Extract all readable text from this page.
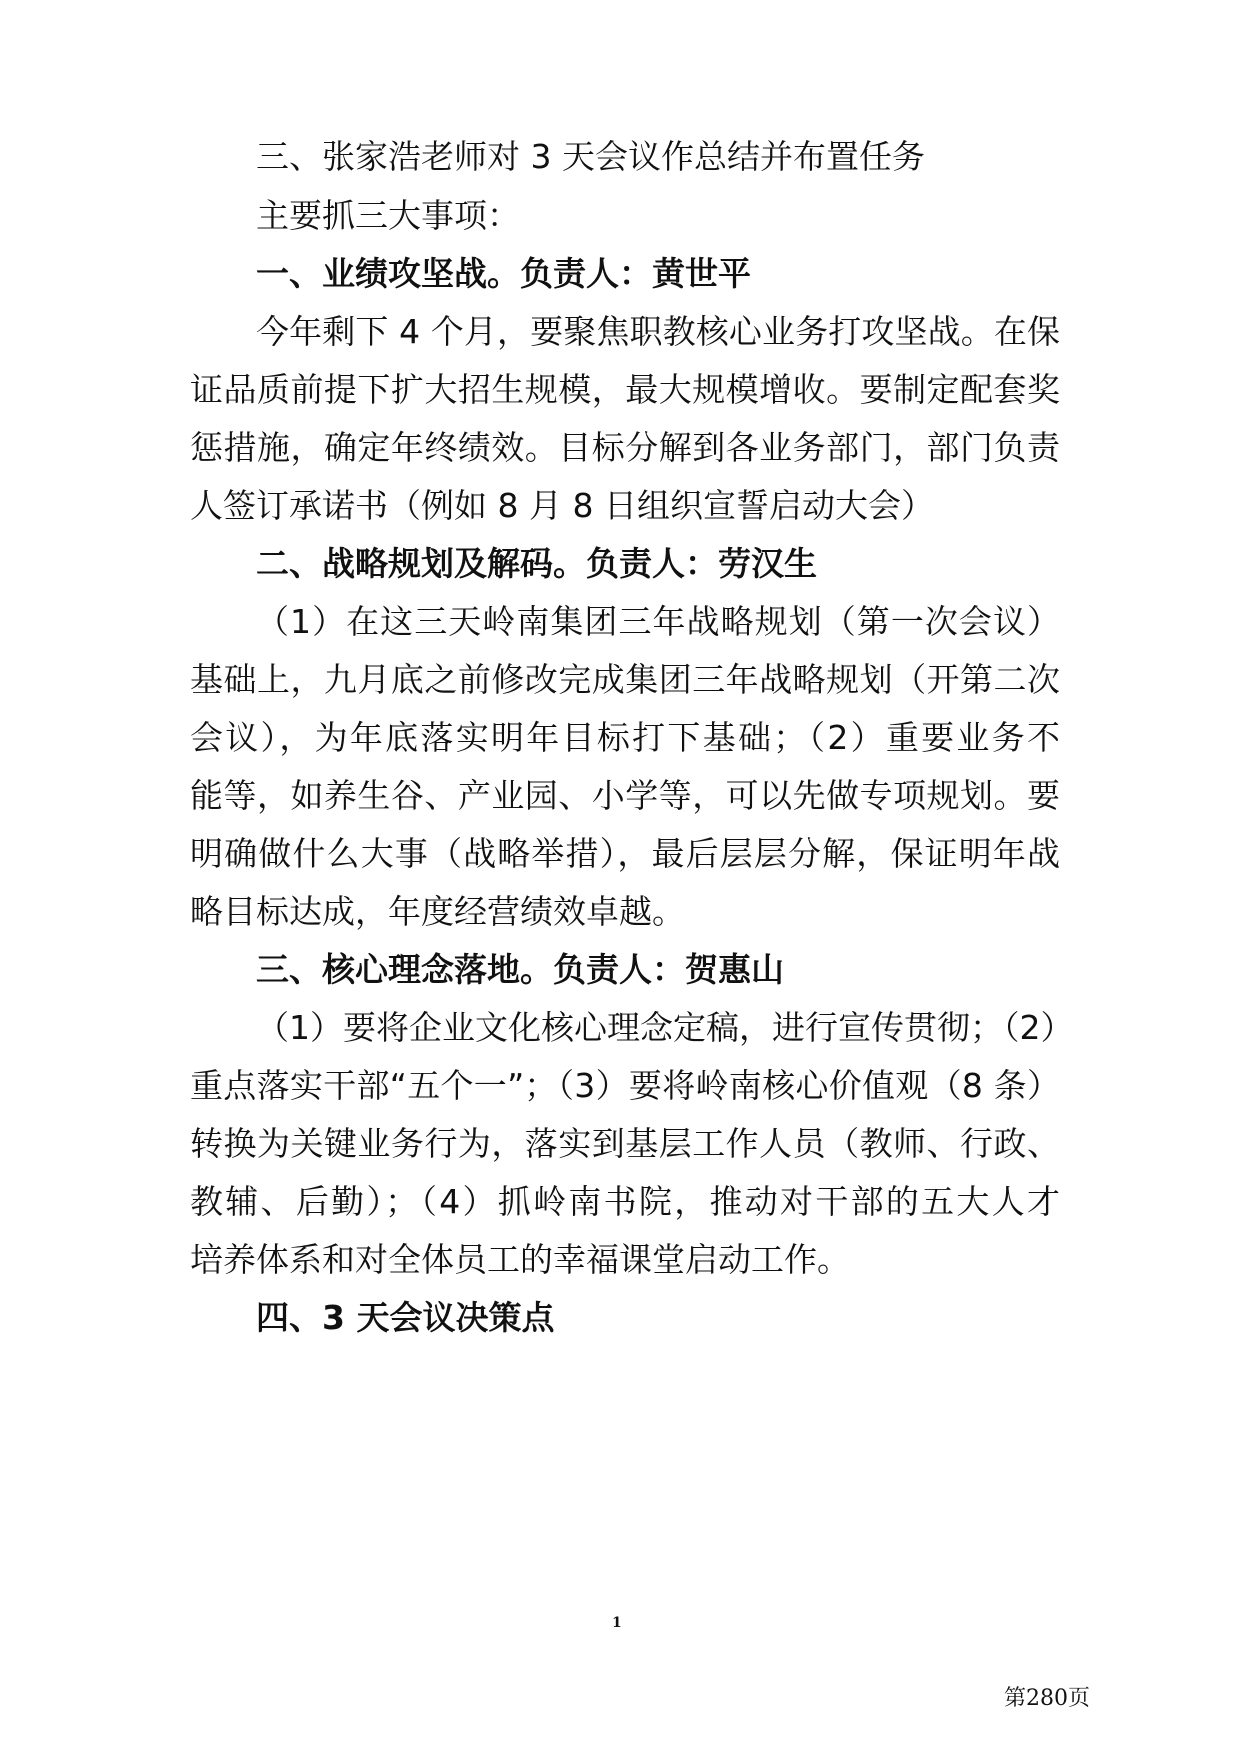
三、张家浩老师对 3 天会议作总结并布置任务
主要抓三大事项：
一、业绩攻坚战。负责人：黄世平
今年剩下 4 个月，要聚焦职教核心业务打攻坚战。在保
证品质前提下扩大招生规模，最大规模增收。要制定配套奖
惩措施，确定年终绩效。目标分解到各业务部门，部门负责
人签订承诺书（例如 8 月 8 日组织宣誓启动大会）
二、战略规划及解码。负责人：劳汉生
（1）在这三天岭南集团三年战略规划（第一次会议）
基础上，九月底之前修改完成集团三年战略规划（开第二次
会议），为年底落实明年目标打下基础；（2）重要业务不
能等，如养生谷、产业园、小学等，可以先做专项规划。要
明确做什么大事（战略举措），最后层层分解，保证明年战
略目标达成，年度经营绩效卓越。
三、核心理念落地。负责人：贺惠山
（1）要将企业文化核心理念定稿，进行宣传贯彻；（2）
重点落实干部“五个一”；（3）要将岭南核心价值观（8 条）
转换为关键业务行为，落实到基层工作人员（教师、行政、
教辅、后勤）；（4）抓岭南书院，推动对干部的五大人才
培养体系和对全体员工的幸福课堂启动工作。
四、3 天会议决策点
1
第280页
